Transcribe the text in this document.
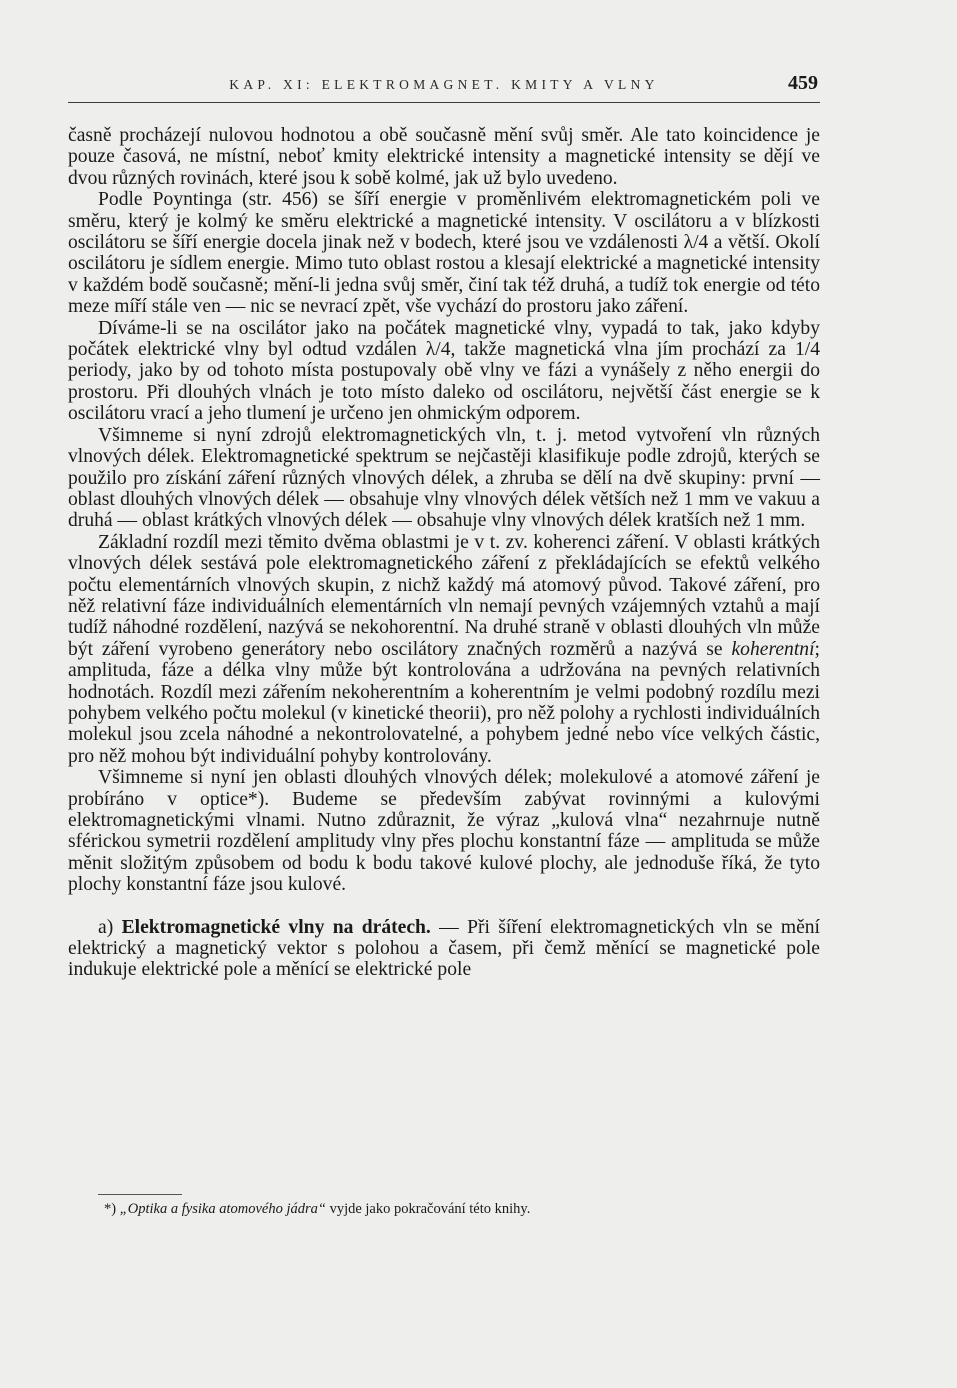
KAP. XI: ELEKTROMAGNET. KMITY A VLNY	459

časně procházejí nulovou hodnotou a obě současně mění svůj směr. Ale tato koincidence je pouze časová, ne místní, neboť kmity elektrické intensity a magnetické intensity se dějí ve dvou různých rovinách, které jsou k sobě kolmé, jak už bylo uvedeno.

Podle Poyntinga (str. 456) se šíří energie v proměnlivém elektromagnetickém poli ve směru, který je kolmý ke směru elektrické a magnetické intensity. V oscilátoru a v blízkosti oscilátoru se šíří energie docela jinak než v bodech, které jsou ve vzdálenosti λ/4 a větší. Okolí oscilátoru je sídlem energie. Mimo tuto oblast rostou a klesají elektrické a magnetické intensity v každém bodě současně; mění-li jedna svůj směr, činí tak též druhá, a tudíž tok energie od této meze míří stále ven — nic se nevrací zpět, vše vychází do prostoru jako záření.

Díváme-li se na oscilátor jako na počátek magnetické vlny, vypadá to tak, jako kdyby počátek elektrické vlny byl odtud vzdálen λ/4, takže magnetická vlna jím prochází za 1/4 periody, jako by od tohoto místa postupovaly obě vlny ve fázi a vynášely z něho energii do prostoru. Při dlouhých vlnách je toto místo daleko od oscilátoru, největší část energie se k oscilátoru vrací a jeho tlumení je určeno jen ohmickým odporem.

Všimneme si nyní zdrojů elektromagnetických vln, t. j. metod vytvoření vln různých vlnových délek. Elektromagnetické spektrum se nejčastěji klasifikuje podle zdrojů, kterých se použilo pro získání záření různých vlnových délek, a zhruba se dělí na dvě skupiny: první — oblast dlouhých vlnových délek — obsahuje vlny vlnových délek větších než 1 mm ve vakuu a druhá — oblast krátkých vlnových délek — obsahuje vlny vlnových délek kratších než 1 mm.

Základní rozdíl mezi těmito dvěma oblastmi je v t. zv. koherenci záření. V oblasti krátkých vlnových délek sestává pole elektromagnetického záření z překládajících se efektů velkého počtu elementárních vlnových skupin, z nichž každý má atomový původ. Takové záření, pro něž relativní fáze individuálních elementárních vln nemají pevných vzájemných vztahů a mají tudíž náhodné rozdělení, nazývá se nekohorentní. Na druhé straně v oblasti dlouhých vln může být záření vyrobeno generátory nebo oscilátory značných rozměrů a nazývá se koherentní; amplituda, fáze a délka vlny může být kontrolována a udržována na pevných relativních hodnotách. Rozdíl mezi zářením nekoherentním a koherentním je velmi podobný rozdílu mezi pohybem velkého počtu molekul (v kinetické theorii), pro něž polohy a rychlosti individuálních molekul jsou zcela náhodné a nekontrolovatelné, a pohybem jedné nebo více velkých částic, pro něž mohou být individuální pohyby kontrolovány.

Všimneme si nyní jen oblasti dlouhých vlnových délek; molekulové a atomové záření je probíráno v optice*). Budeme se především zabývat rovinnými a kulovými elektromagnetickými vlnami. Nutno zdůraznit, že výraz „kulová vlna“ nezahrnuje nutně sférickou symetrii rozdělení amplitudy vlny přes plochu konstantní fáze — amplituda se může měnit složitým způsobem od bodu k bodu takové kulové plochy, ale jednoduše říká, že tyto plochy konstantní fáze jsou kulové.

a) Elektromagnetické vlny na drátech. — Při šíření elektromagnetických vln se mění elektrický a magnetický vektor s polohou a časem, při čemž měnící se magnetické pole indukuje elektrické pole a měnící se elektrické pole

*) „Optika a fysika atomového jádra“ vyjde jako pokračování této knihy.
